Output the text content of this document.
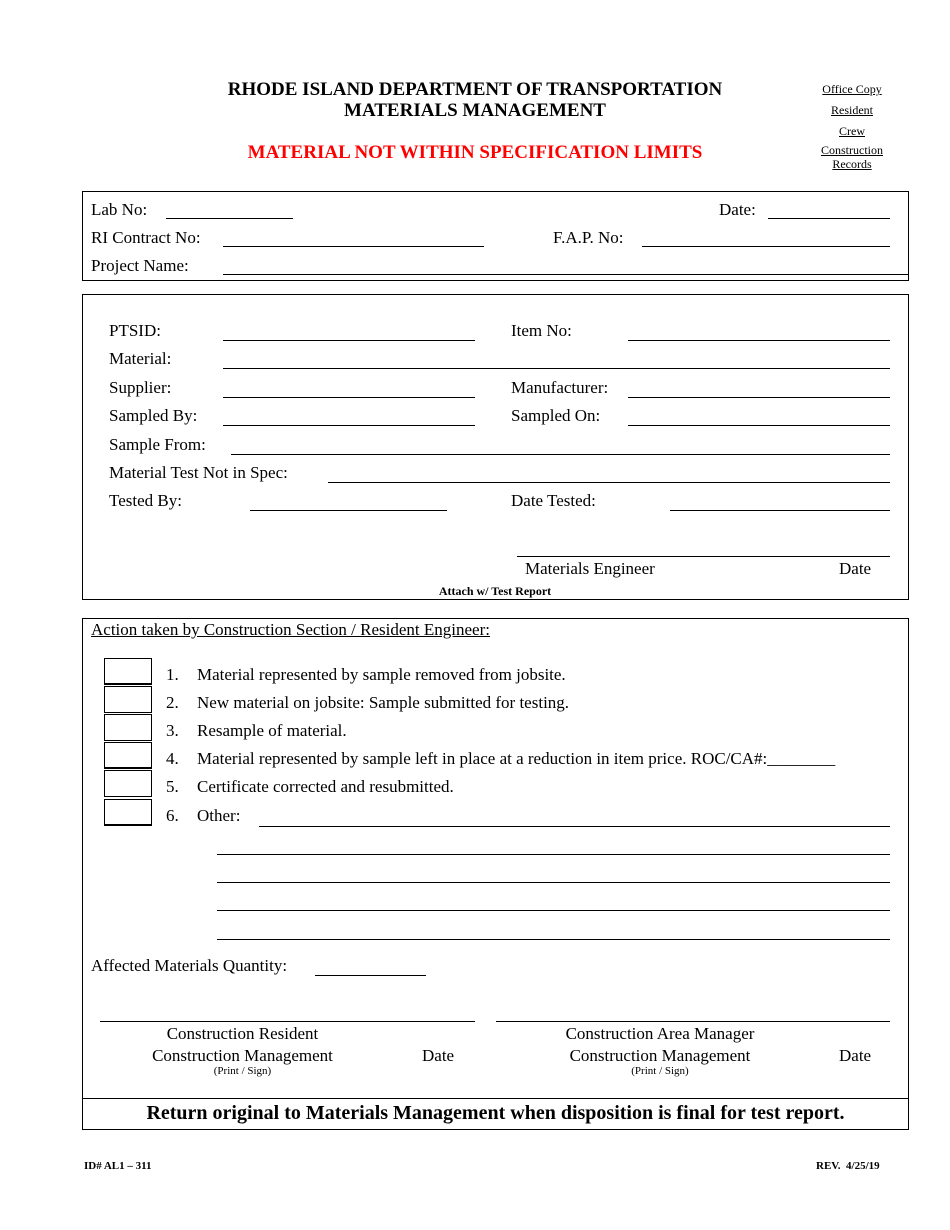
RHODE ISLAND DEPARTMENT OF TRANSPORTATION
MATERIALS MANAGEMENT
MATERIAL NOT WITHIN SPECIFICATION LIMITS
Office Copy
Resident
Crew
Construction
Records
Lab No:	Date:
RI Contract No:	F.A.P. No:
Project Name:
PTSID:	Item No:
Material:
Supplier:	Manufacturer:
Sampled By:	Sampled On:
Sample From:
Material Test Not in Spec:
Tested By:	Date Tested:
Materials Engineer	Date
Attach w/ Test Report
Action taken by Construction Section / Resident Engineer:
1. Material represented by sample removed from jobsite.
2. New material on jobsite: Sample submitted for testing.
3. Resample of material.
4. Material represented by sample left in place at a reduction in item price. ROC/CA#:________
5. Certificate corrected and resubmitted.
6. Other:
Affected Materials Quantity:
Construction Resident
Construction Management
(Print / Sign)
Date
Construction Area Manager
Construction Management
(Print / Sign)
Date
Return original to Materials Management when disposition is final for test report.
ID# AL1 – 311	REV.  4/25/19
